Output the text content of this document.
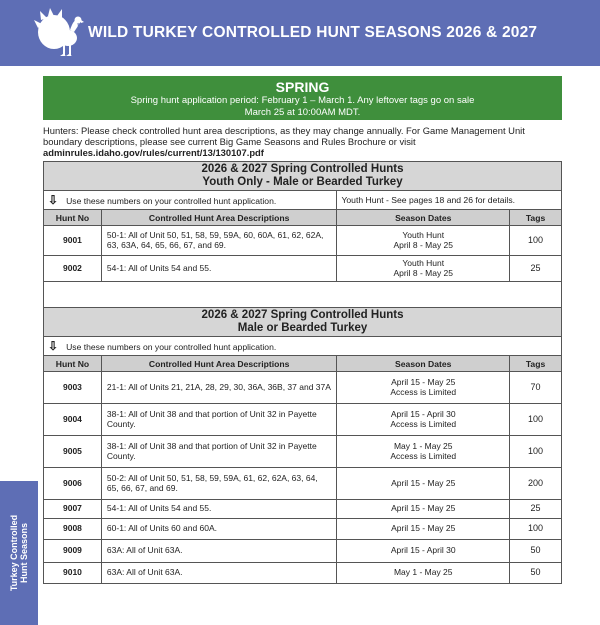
WILD TURKEY CONTROLLED HUNT SEASONS 2026 & 2027
SPRING
Spring hunt application period: February 1 – March 1. Any leftover tags go on sale
March 25 at 10:00AM MDT.
Hunters: Please check controlled hunt area descriptions, as they may change annually. For Game Management Unit boundary descriptions, please see current Big Game Seasons and Rules Brochure or visit adminrules.idaho.gov/rules/current/13/130107.pdf
2026 & 2027 Spring Controlled Hunts
Youth Only - Male or Bearded Turkey			

⇩ Use these numbers on your controlled hunt application.		Youth Hunt - See pages 18 and 26 for details.	
Hunt No	Controlled Hunt Area Descriptions	Season Dates	Tags
9001	50-1: All of Unit 50, 51, 58, 59, 59A, 60, 60A, 61, 62, 62A, 63, 63A, 64, 65, 66, 67, and 69.	Youth Hunt
April 8 - May 25	100
9002	54-1: All of Units 54 and 55.	Youth Hunt
April 8 - May 25	25
2026 & 2027 Spring Controlled Hunts
Male or Bearded Turkey			

⇩ Use these numbers on your controlled hunt application.			
Hunt No	Controlled Hunt Area Descriptions	Season Dates	Tags
9003	21-1: All of Units 21, 21A, 28, 29, 30, 36A, 36B, 37 and 37A	April 15 - May 25
Access is Limited	70
9004	38-1: All of Unit 38 and that portion of Unit 32 in Payette County.	April 15 - April 30
Access is Limited	100
9005	38-1: All of Unit 38 and that portion of Unit 32 in Payette County.	May 1 - May 25
Access is Limited	100
9006	50-2: All of Unit 50, 51, 58, 59, 59A, 61, 62, 62A, 63, 64, 65, 66, 67, and 69.	April 15 - May 25	200
9007	54-1: All of Units 54 and 55.	April 15 - May 25	25
9008	60-1: All of Units 60 and 60A.	April 15 - May 25	100
9009	63A: All of Unit 63A.	April 15 - April 30	50
9010	63A: All of Unit 63A.	May 1 - May 25	50
Turkey Controlled Hunt Seasons
